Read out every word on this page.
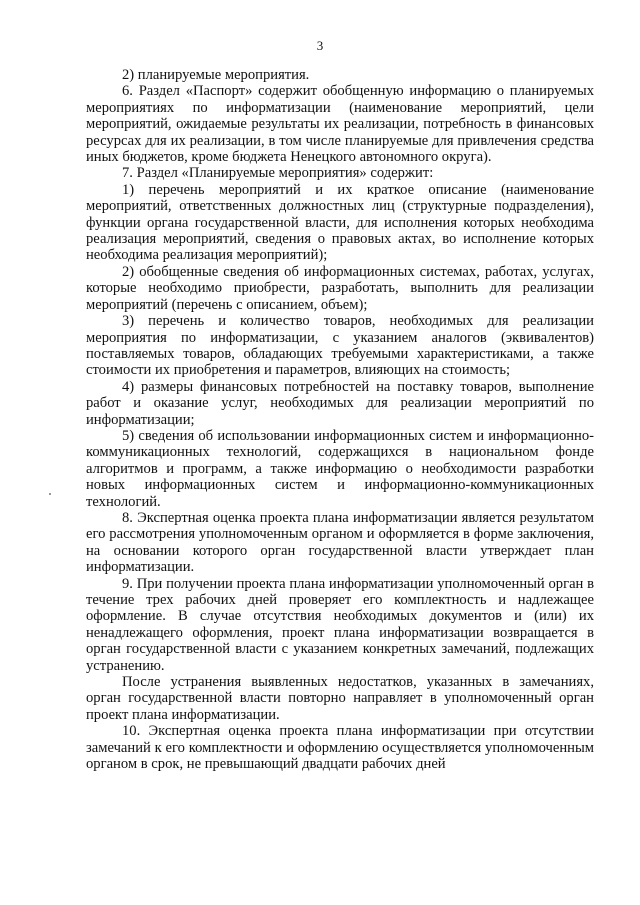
3

2) планируемые мероприятия.

6. Раздел «Паспорт» содержит обобщенную информацию о планируемых мероприятиях по информатизации (наименование мероприятий, цели мероприятий, ожидаемые результаты их реализации, потребность в финансовых ресурсах для их реализации, в том числе планируемые для привлечения средства иных бюджетов, кроме бюджета Ненецкого автономного округа).

7. Раздел «Планируемые мероприятия» содержит:

1) перечень мероприятий и их краткое описание (наименование мероприятий, ответственных должностных лиц (структурные подразделения), функции органа государственной власти, для исполнения которых необходима реализация мероприятий, сведения о правовых актах, во исполнение которых необходима реализация мероприятий);

2) обобщенные сведения об информационных системах, работах, услугах, которые необходимо приобрести, разработать, выполнить для реализации мероприятий (перечень с описанием, объем);

3) перечень и количество товаров, необходимых для реализации мероприятия по информатизации, с указанием аналогов (эквивалентов) поставляемых товаров, обладающих требуемыми характеристиками, а также стоимости их приобретения и параметров, влияющих на стоимость;

4) размеры финансовых потребностей на поставку товаров, выполнение работ и оказание услуг, необходимых для реализации мероприятий по информатизации;

5) сведения об использовании информационных систем и информационно-коммуникационных технологий, содержащихся в национальном фонде алгоритмов и программ, а также информацию о необходимости разработки новых информационных систем и информационно-коммуникационных технологий.

8. Экспертная оценка проекта плана информатизации является результатом его рассмотрения уполномоченным органом и оформляется в форме заключения, на основании которого орган государственной власти утверждает план информатизации.

9. При получении проекта плана информатизации уполномоченный орган в течение трех рабочих дней проверяет его комплектность и надлежащее оформление. В случае отсутствия необходимых документов и (или) их ненадлежащего оформления, проект плана информатизации возвращается в орган государственной власти с указанием конкретных замечаний, подлежащих устранению.

После устранения выявленных недостатков, указанных в замечаниях, орган государственной власти повторно направляет в уполномоченный орган проект плана информатизации.

10. Экспертная оценка проекта плана информатизации при отсутствии замечаний к его комплектности и оформлению осуществляется уполномоченным органом в срок, не превышающий двадцати рабочих дней
